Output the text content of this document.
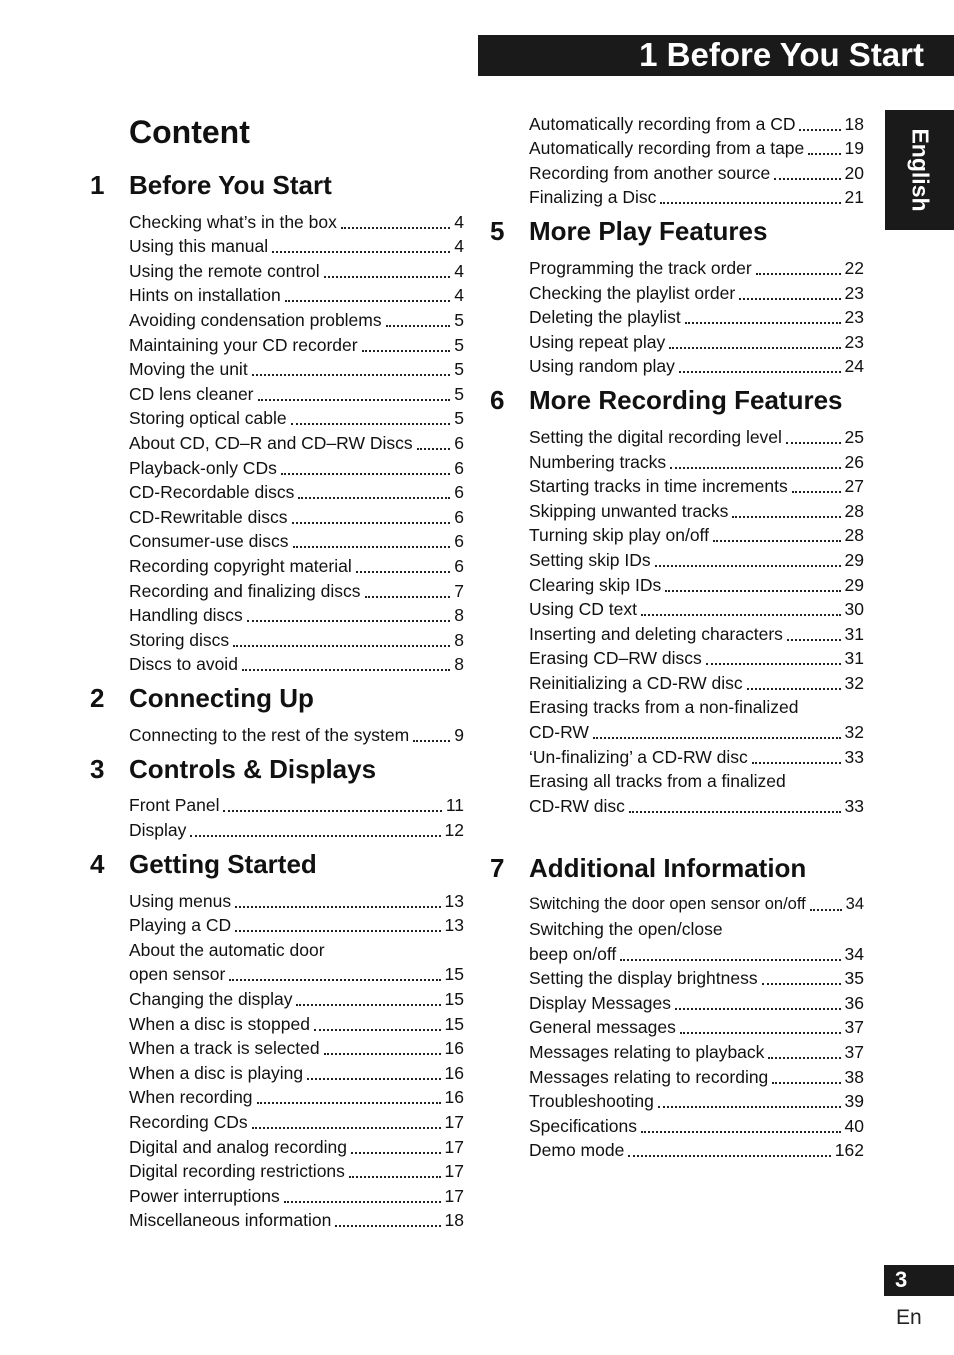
1 Before You Start
English
Content
1 Before You Start
Checking what’s in the box	4
Using this manual	4
Using the remote control	4
Hints on installation	4
Avoiding condensation problems	5
Maintaining your CD recorder	5
Moving the unit	5
CD lens cleaner	5
Storing optical cable	5
About CD, CD–R and CD–RW Discs 6
Playback-only CDs	6
CD-Recordable discs	6
CD-Rewritable discs	6
Consumer-use discs	6
Recording copyright material	6
Recording and finalizing discs	7
Handling discs	8
Storing discs	8
Discs to avoid	8
2 Connecting Up
Connecting to the rest of the system	9
3 Controls & Displays
Front Panel	11
Display	12
4 Getting Started
Using menus	13
Playing a CD	13
About the automatic door
open sensor	15
Changing the display	15
When a disc is stopped	15
When a track is selected	16
When a disc is playing	16
When recording	16
Recording CDs	17
Digital and analog recording	17
Digital recording restrictions	17
Power interruptions	17
Miscellaneous information	18
Automatically recording from a CD	18
Automatically recording from a tape 19
Recording from another source	20
Finalizing a Disc	21
5 More Play Features
Programming the track order	22
Checking the playlist order	23
Deleting the playlist	23
Using repeat play	23
Using random play	24
6 More Recording Features
Setting the digital recording level	25
Numbering tracks	26
Starting tracks in time increments	27
Skipping unwanted tracks	28
Turning skip play on/off	28
Setting skip IDs	29
Clearing skip IDs	29
Using CD text	30
Inserting and deleting characters	31
Erasing CD–RW discs	31
Reinitializing a CD-RW disc	32
Erasing tracks from a non-finalized
CD-RW	32
‘Un-finalizing’ a CD-RW disc	33
Erasing all tracks from a finalized
CD-RW disc	33
7 Additional Information
Switching the door open sensor on/off 34
Switching the open/close
beep on/off	34
Setting the display brightness	35
Display Messages	36
General messages	37
Messages relating to playback	37
Messages relating to recording	38
Troubleshooting	39
Specifications	40
Demo mode	162
3
En
